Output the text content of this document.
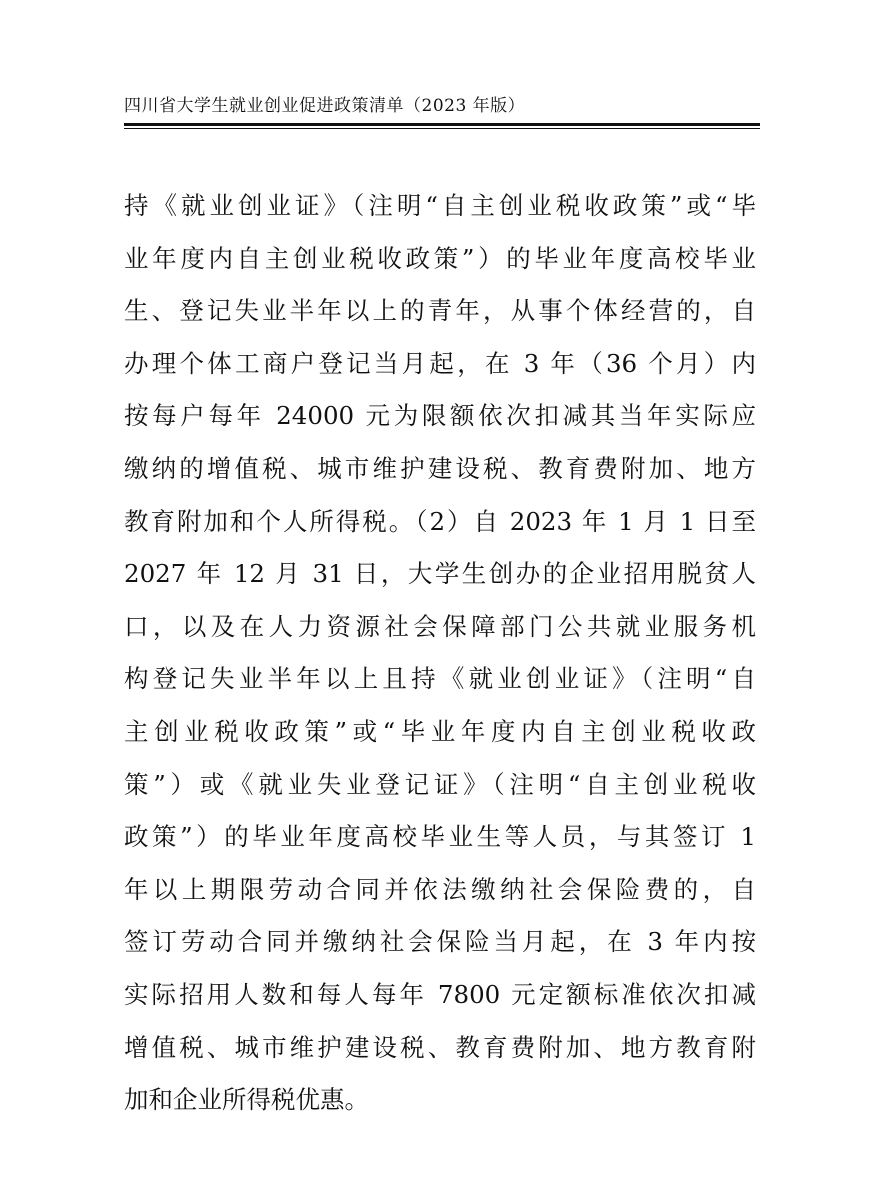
四川省大学生就业创业促进政策清单（2023 年版）
持《就业创业证》（注明“自主创业税收政策”或“毕
业年度内自主创业税收政策”）的毕业年度高校毕业
生、登记失业半年以上的青年，从事个体经营的，自
办理个体工商户登记当月起，在 3 年（36 个月）内
按每户每年 24000 元为限额依次扣减其当年实际应
缴纳的增值税、城市维护建设税、教育费附加、地方
教育附加和个人所得税。（2）自 2023 年 1 月 1 日至
2027 年 12 月 31 日，大学生创办的企业招用脱贫人
口，以及在人力资源社会保障部门公共就业服务机
构登记失业半年以上且持《就业创业证》（注明“自
主创业税收政策”或“毕业年度内自主创业税收政
策”）或《就业失业登记证》（注明“自主创业税收
政策”）的毕业年度高校毕业生等人员，与其签订 1
年以上期限劳动合同并依法缴纳社会保险费的，自
签订劳动合同并缴纳社会保险当月起，在 3 年内按
实际招用人数和每人每年 7800 元定额标准依次扣减
增值税、城市维护建设税、教育费附加、地方教育附
加和企业所得税优惠。
